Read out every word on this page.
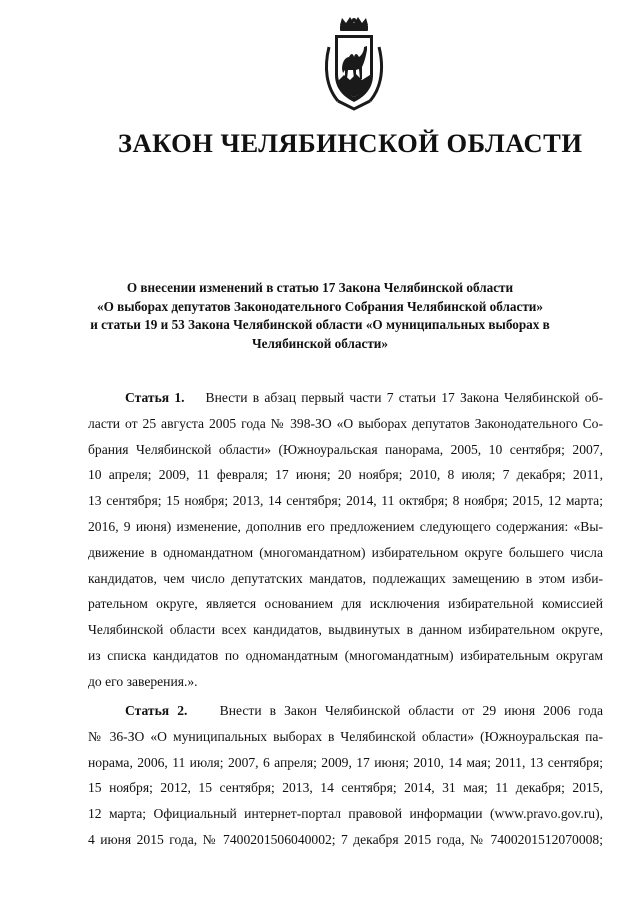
ЗАКОН ЧЕЛЯБИНСКОЙ ОБЛАСТИ
О внесении изменений в статью 17 Закона Челябинской области
«О выборах депутатов Законодательного Собрания Челябинской области»
и статьи 19 и 53 Закона Челябинской области «О муниципальных выборах в
Челябинской области»
Статья 1. Внести в абзац первый части 7 статьи 17 Закона Челябинской об-
ласти от 25 августа 2005 года № 398-ЗО «О выборах депутатов Законодательного Со-
брания Челябинской области» (Южноуральская панорама, 2005, 10 сентября; 2007,
10 апреля; 2009, 11 февраля; 17 июня; 20 ноября; 2010, 8 июля; 7 декабря; 2011,
13 сентября; 15 ноября; 2013, 14 сентября; 2014, 11 октября; 8 ноября; 2015, 12 марта;
2016, 9 июня) изменение, дополнив его предложением следующего содержания: «Вы-
движение в одномандатном (многомандатном) избирательном округе большего числа
кандидатов, чем число депутатских мандатов, подлежащих замещению в этом изби-
рательном округе, является основанием для исключения избирательной комиссией
Челябинской области всех кандидатов, выдвинутых в данном избирательном округе,
из списка кандидатов по одномандатным (многомандатным) избирательным округам
до его заверения.».
Статья 2. Внести в Закон Челябинской области от 29 июня 2006 года
№ 36-ЗО «О муниципальных выборах в Челябинской области» (Южноуральская па-
норама, 2006, 11 июля; 2007, 6 апреля; 2009, 17 июня; 2010, 14 мая; 2011, 13 сентября;
15 ноября; 2012, 15 сентября; 2013, 14 сентября; 2014, 31 мая; 11 декабря; 2015,
12 марта; Официальный интернет-портал правовой информации (www.pravo.gov.ru),
4 июня 2015 года, № 7400201506040002; 7 декабря 2015 года, № 7400201512070008;
